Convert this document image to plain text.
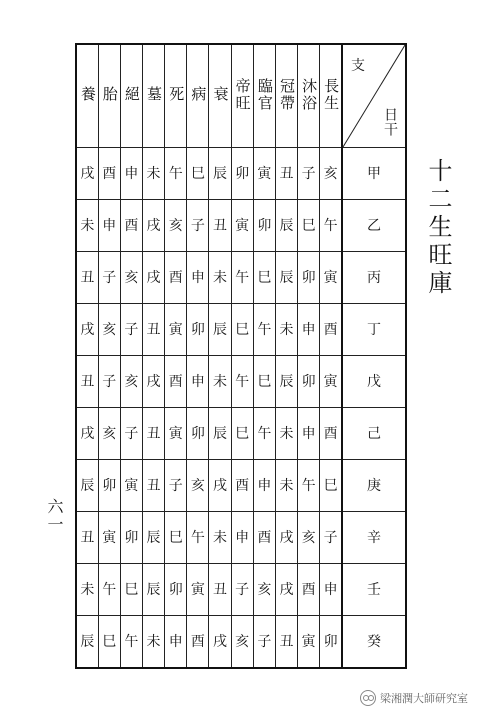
養	胎	絕	墓	死	病	衰	帝旺	臨官	冠帶	沐浴	長生	支
日干

戌	酉	申	未	午	巳	辰	卯	寅	丑	子	亥	甲
未	申	酉	戌	亥	子	丑	寅	卯	辰	巳	午	乙
丑	子	亥	戌	酉	申	未	午	巳	辰	卯	寅	丙
戌	亥	子	丑	寅	卯	辰	巳	午	未	申	酉	丁
丑	子	亥	戌	酉	申	未	午	巳	辰	卯	寅	戊
戌	亥	子	丑	寅	卯	辰	巳	午	未	申	酉	己
辰	卯	寅	丑	子	亥	戌	酉	申	未	午	巳	庚
丑	寅	卯	辰	巳	午	未	申	酉	戌	亥	子	辛
未	午	巳	辰	卯	寅	丑	子	亥	戌	酉	申	壬
辰	巳	午	未	申	酉	戌	亥	子	丑	寅	卯	癸
十二生旺庫
六一
梁湘潤大師研究室
